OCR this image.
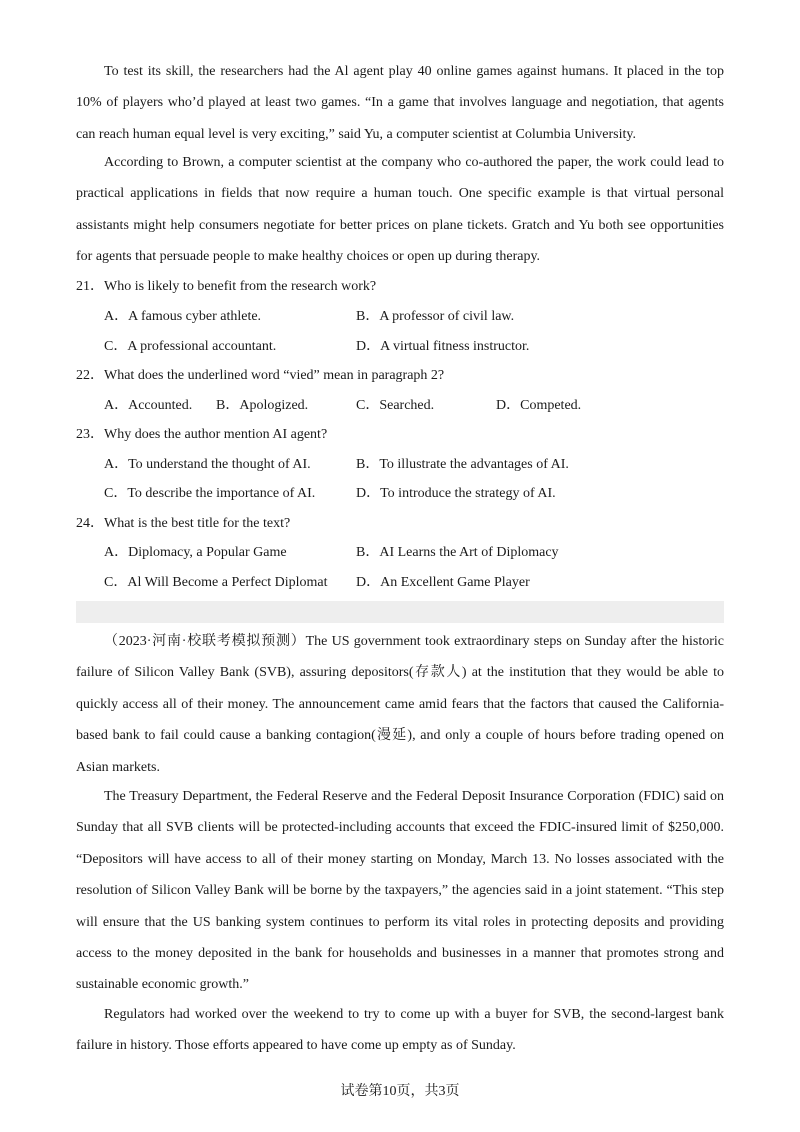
To test its skill, the researchers had the Al agent play 40 online games against humans. It placed in the top 10% of players who’d played at least two games. “In a game that involves language and negotiation, that agents can reach human equal level is very exciting,” said Yu, a computer scientist at Columbia University.

According to Brown, a computer scientist at the company who co-authored the paper, the work could lead to practical applications in fields that now require a human touch. One specific example is that virtual personal assistants might help consumers negotiate for better prices on plane tickets. Gratch and Yu both see opportunities for agents that persuade people to make healthy choices or open up during therapy.

21．Who is likely to benefit from the research work?
A．A famous cyber athlete.	B．A professor of civil law.
C．A professional accountant.	D．A virtual fitness instructor.
22．What does the underlined word “vied” mean in paragraph 2?
A．Accounted. B．Apologized.	C．Searched.	D．Competed.
23．Why does the author mention AI agent?
A．To understand the thought of AI.	B．To illustrate the advantages of AI.
C．To describe the importance of AI.	D．To introduce the strategy of AI.
24．What is the best title for the text?
A．Diplomacy, a Popular Game	B．AI Learns the Art of Diplomacy
C．Al Will Become a Perfect Diplomat D．An Excellent Game Player

（2023·河南·校联考模拟预测）The US government took extraordinary steps on Sunday after the historic failure of Silicon Valley Bank (SVB), assuring depositors(存款人) at the institution that they would be able to quickly access all of their money. The announcement came amid fears that the factors that caused the California-based bank to fail could cause a banking contagion(漫延), and only a couple of hours before trading opened on Asian markets.

The Treasury Department, the Federal Reserve and the Federal Deposit Insurance Corporation (FDIC) said on Sunday that all SVB clients will be protected-including accounts that exceed the FDIC-insured limit of $250,000. “Depositors will have access to all of their money starting on Monday, March 13. No losses associated with the resolution of Silicon Valley Bank will be borne by the taxpayers,” the agencies said in a joint statement. “This step will ensure that the US banking system continues to perform its vital roles in protecting deposits and providing access to the money deposited in the bank for households and businesses in a manner that promotes strong and sustainable economic growth.”

Regulators had worked over the weekend to try to come up with a buyer for SVB, the second-largest bank failure in history. Those efforts appeared to have come up empty as of Sunday.

试卷第10页，共3页
